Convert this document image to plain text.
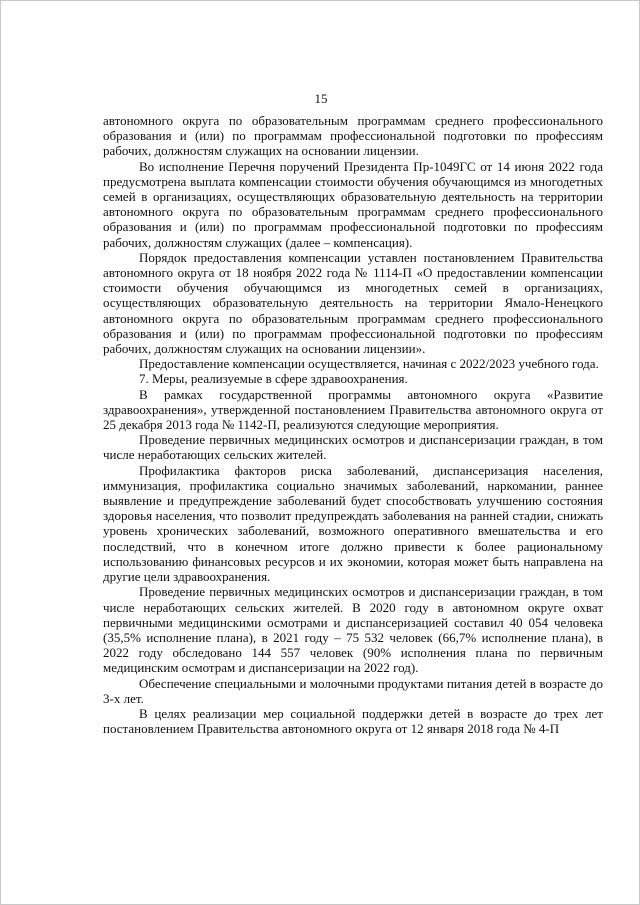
15

автономного округа по образовательным программам среднего профессионального образования и (или) по программам профессиональной подготовки по профессиям рабочих, должностям служащих на основании лицензии.

Во исполнение Перечня поручений Президента Пр-1049ГС от 14 июня 2022 года предусмотрена выплата компенсации стоимости обучения обучающимся из многодетных семей в организациях, осуществляющих образовательную деятельность на территории автономного округа по образовательным программам среднего профессионального образования и (или) по программам профессиональной подготовки по профессиям рабочих, должностям служащих (далее – компенсация).

Порядок предоставления компенсации уставлен постановлением Правительства автономного округа от 18 ноября 2022 года № 1114-П «О предоставлении компенсации стоимости обучения обучающимся из многодетных семей в организациях, осуществляющих образовательную деятельность на территории Ямало-Ненецкого автономного округа по образовательным программам среднего профессионального образования и (или) по программам профессиональной подготовки по профессиям рабочих, должностям служащих на основании лицензии».

Предоставление компенсации осуществляется, начиная с 2022/2023 учебного года.

7. Меры, реализуемые в сфере здравоохранения.

В рамках государственной программы автономного округа «Развитие здравоохранения», утвержденной постановлением Правительства автономного округа от 25 декабря 2013 года № 1142-П, реализуются следующие мероприятия.

Проведение первичных медицинских осмотров и диспансеризации граждан, в том числе неработающих сельских жителей.

Профилактика факторов риска заболеваний, диспансеризация населения, иммунизация, профилактика социально значимых заболеваний, наркомании, раннее выявление и предупреждение заболеваний будет способствовать улучшению состояния здоровья населения, что позволит предупреждать заболевания на ранней стадии, снижать уровень хронических заболеваний, возможного оперативного вмешательства и его последствий, что в конечном итоге должно привести к более рациональному использованию финансовых ресурсов и их экономии, которая может быть направлена на другие цели здравоохранения.

Проведение первичных медицинских осмотров и диспансеризации граждан, в том числе неработающих сельских жителей. В 2020 году в автономном округе охват первичными медицинскими осмотрами и диспансеризацией составил 40 054 человека (35,5% исполнение плана), в 2021 году – 75 532 человек (66,7% исполнение плана), в 2022 году обследовано 144 557 человек (90% исполнения плана по первичным медицинским осмотрам и диспансеризации на 2022 год).

Обеспечение специальными и молочными продуктами питания детей в возрасте до 3-х лет.

В целях реализации мер социальной поддержки детей в возрасте до трех лет постановлением Правительства автономного округа от 12 января 2018 года № 4-П
